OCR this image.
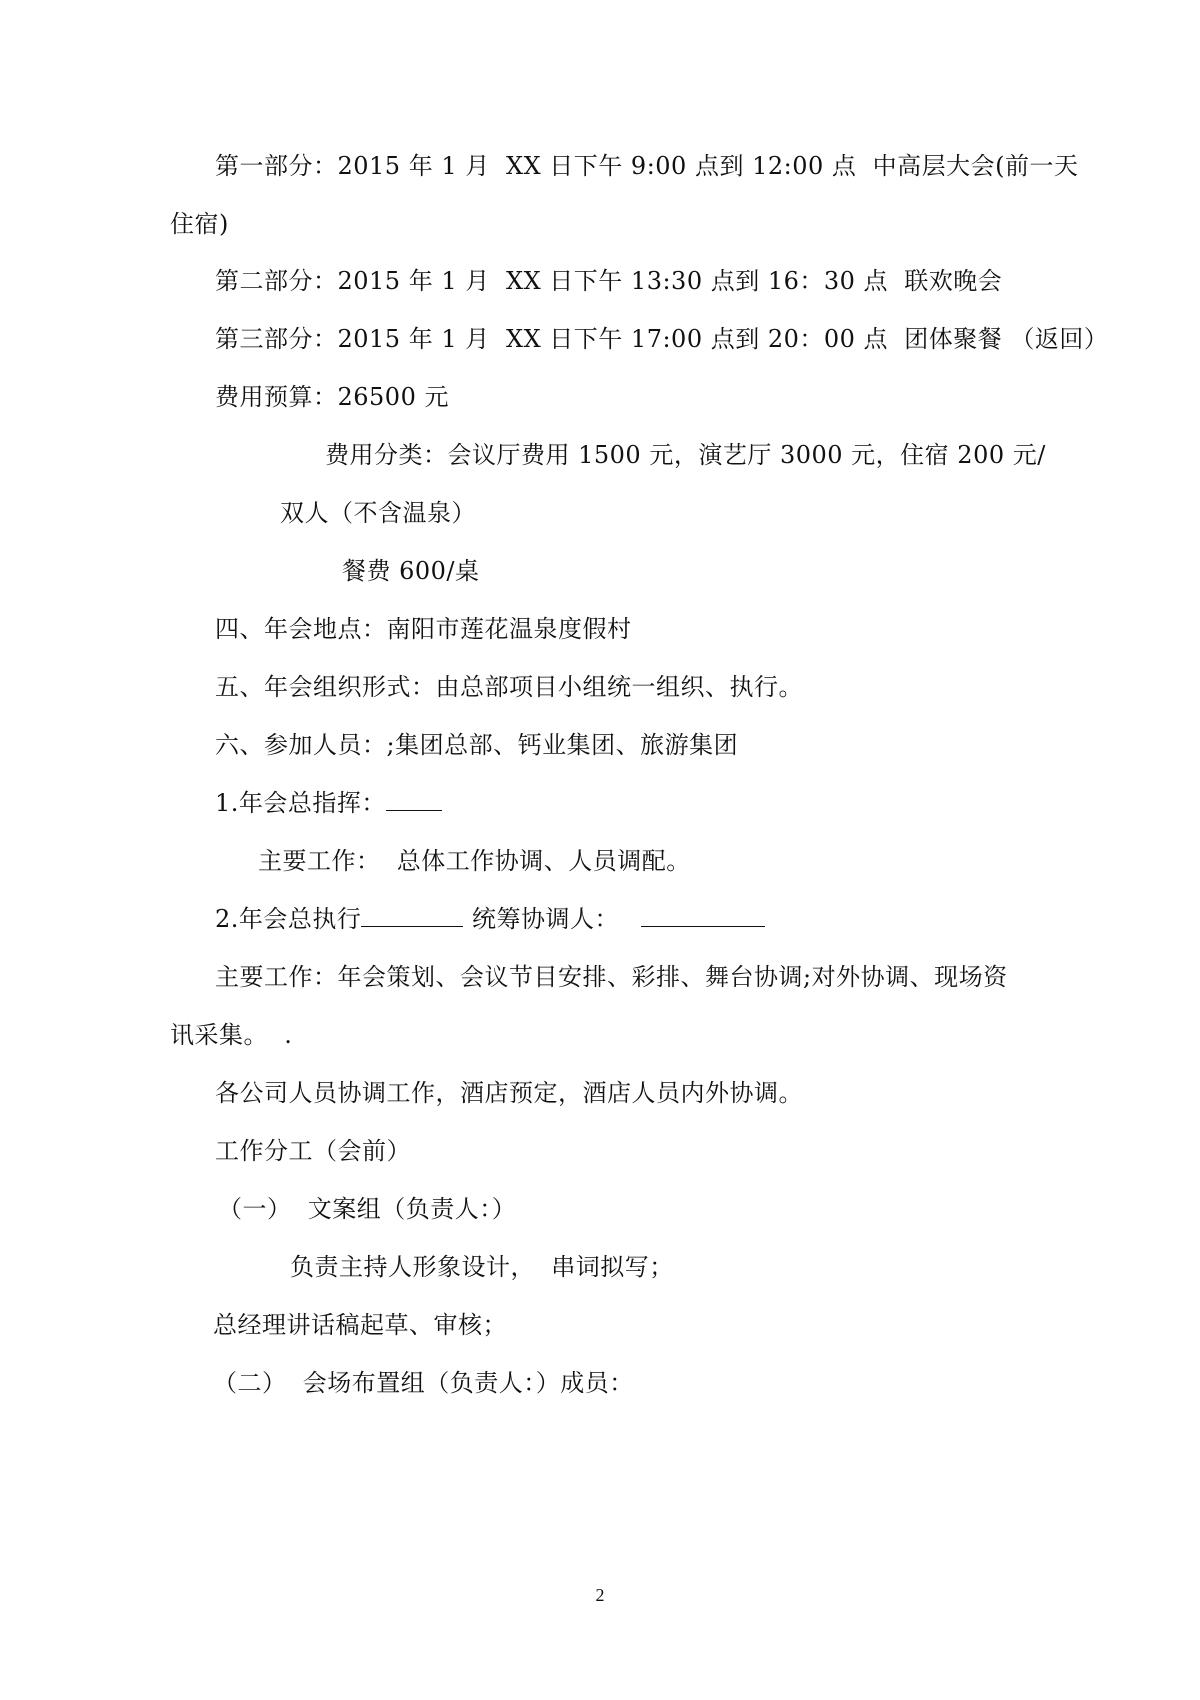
第一部分：2015 年 1 月  XX 日下午 9:00 点到 12:00 点  中高层大会(前一天
住宿)
第二部分：2015 年 1 月  XX 日下午 13:30 点到 16：30 点  联欢晚会
第三部分：2015 年 1 月  XX 日下午 17:00 点到 20：00 点  团体聚餐 （返回）
费用预算：26500 元
费用分类：会议厅费用 1500 元，演艺厅 3000 元，住宿 200 元/
双人（不含温泉）
餐费 600/桌
四、年会地点：南阳市莲花温泉度假村
五、年会组织形式：由总部项目小组统一组织、执行。
六、参加人员：;集团总部、钙业集团、旅游集团
1.年会总指挥：
主要工作：  总体工作协调、人员调配。
2.年会总执行	统筹协调人：
主要工作：年会策划、会议节目安排、彩排、舞台协调;对外协调、现场资
讯采集。  .
各公司人员协调工作，酒店预定，酒店人员内外协调。
工作分工（会前）
（一）  文案组（负责人：）
负责主持人形象设计，  串词拟写；
总经理讲话稿起草、审核；
（二）  会场布置组（负责人：）成员：
2
